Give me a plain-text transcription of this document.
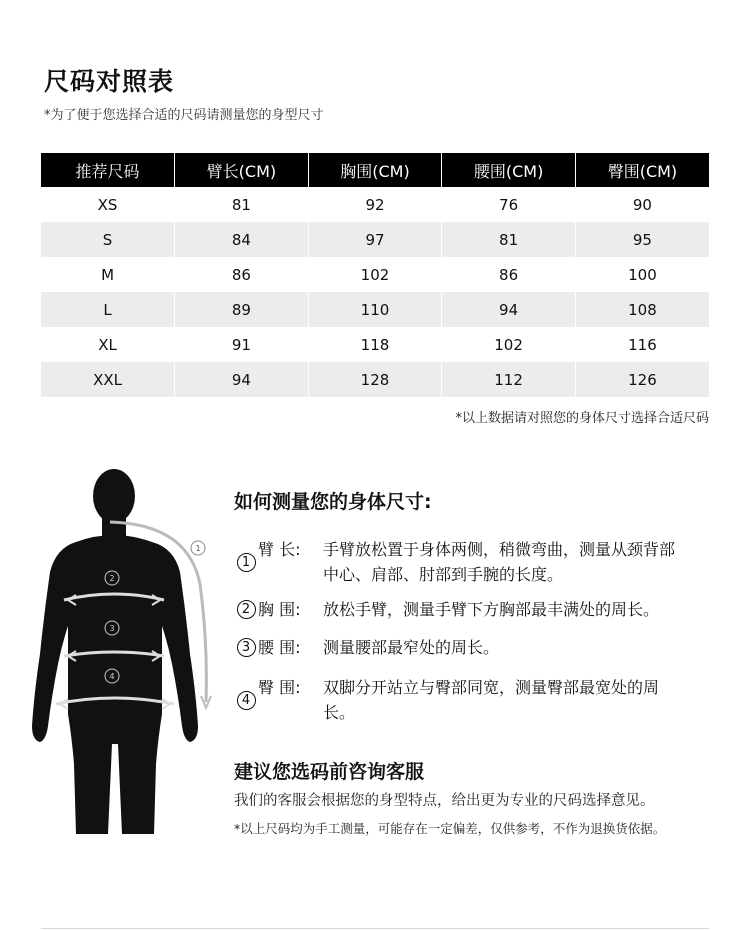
尺码对照表
*为了便于您选择合适的尺码请测量您的身型尺寸
推荐尺码	臂长(CM)	胸围(CM)	腰围(CM)	臀围(CM)
XS	81	92	76	90
S	84	97	81	95
M	86	102	86	100
L	89	110	94	108
XL	91	118	102	116
XXL	94	128	112	126
*以上数据请对照您的身体尺寸选择合适尺码
1
2
3
4
如何测量您的身体尺寸:
1
臂 长:	手臂放松置于身体两侧，稍微弯曲，测量从颈背部中心、肩部、肘部到手腕的长度。
2 胸 围:	放松手臂，测量手臂下方胸部最丰满处的周长。
3 腰 围:	测量腰部最窄处的周长。
4
臀 围:	双脚分开站立与臀部同宽，测量臀部最宽处的周长。
建议您选码前咨询客服
我们的客服会根据您的身型特点，给出更为专业的尺码选择意见。
*以上尺码均为手工测量，可能存在一定偏差，仅供参考，不作为退换货依据。
